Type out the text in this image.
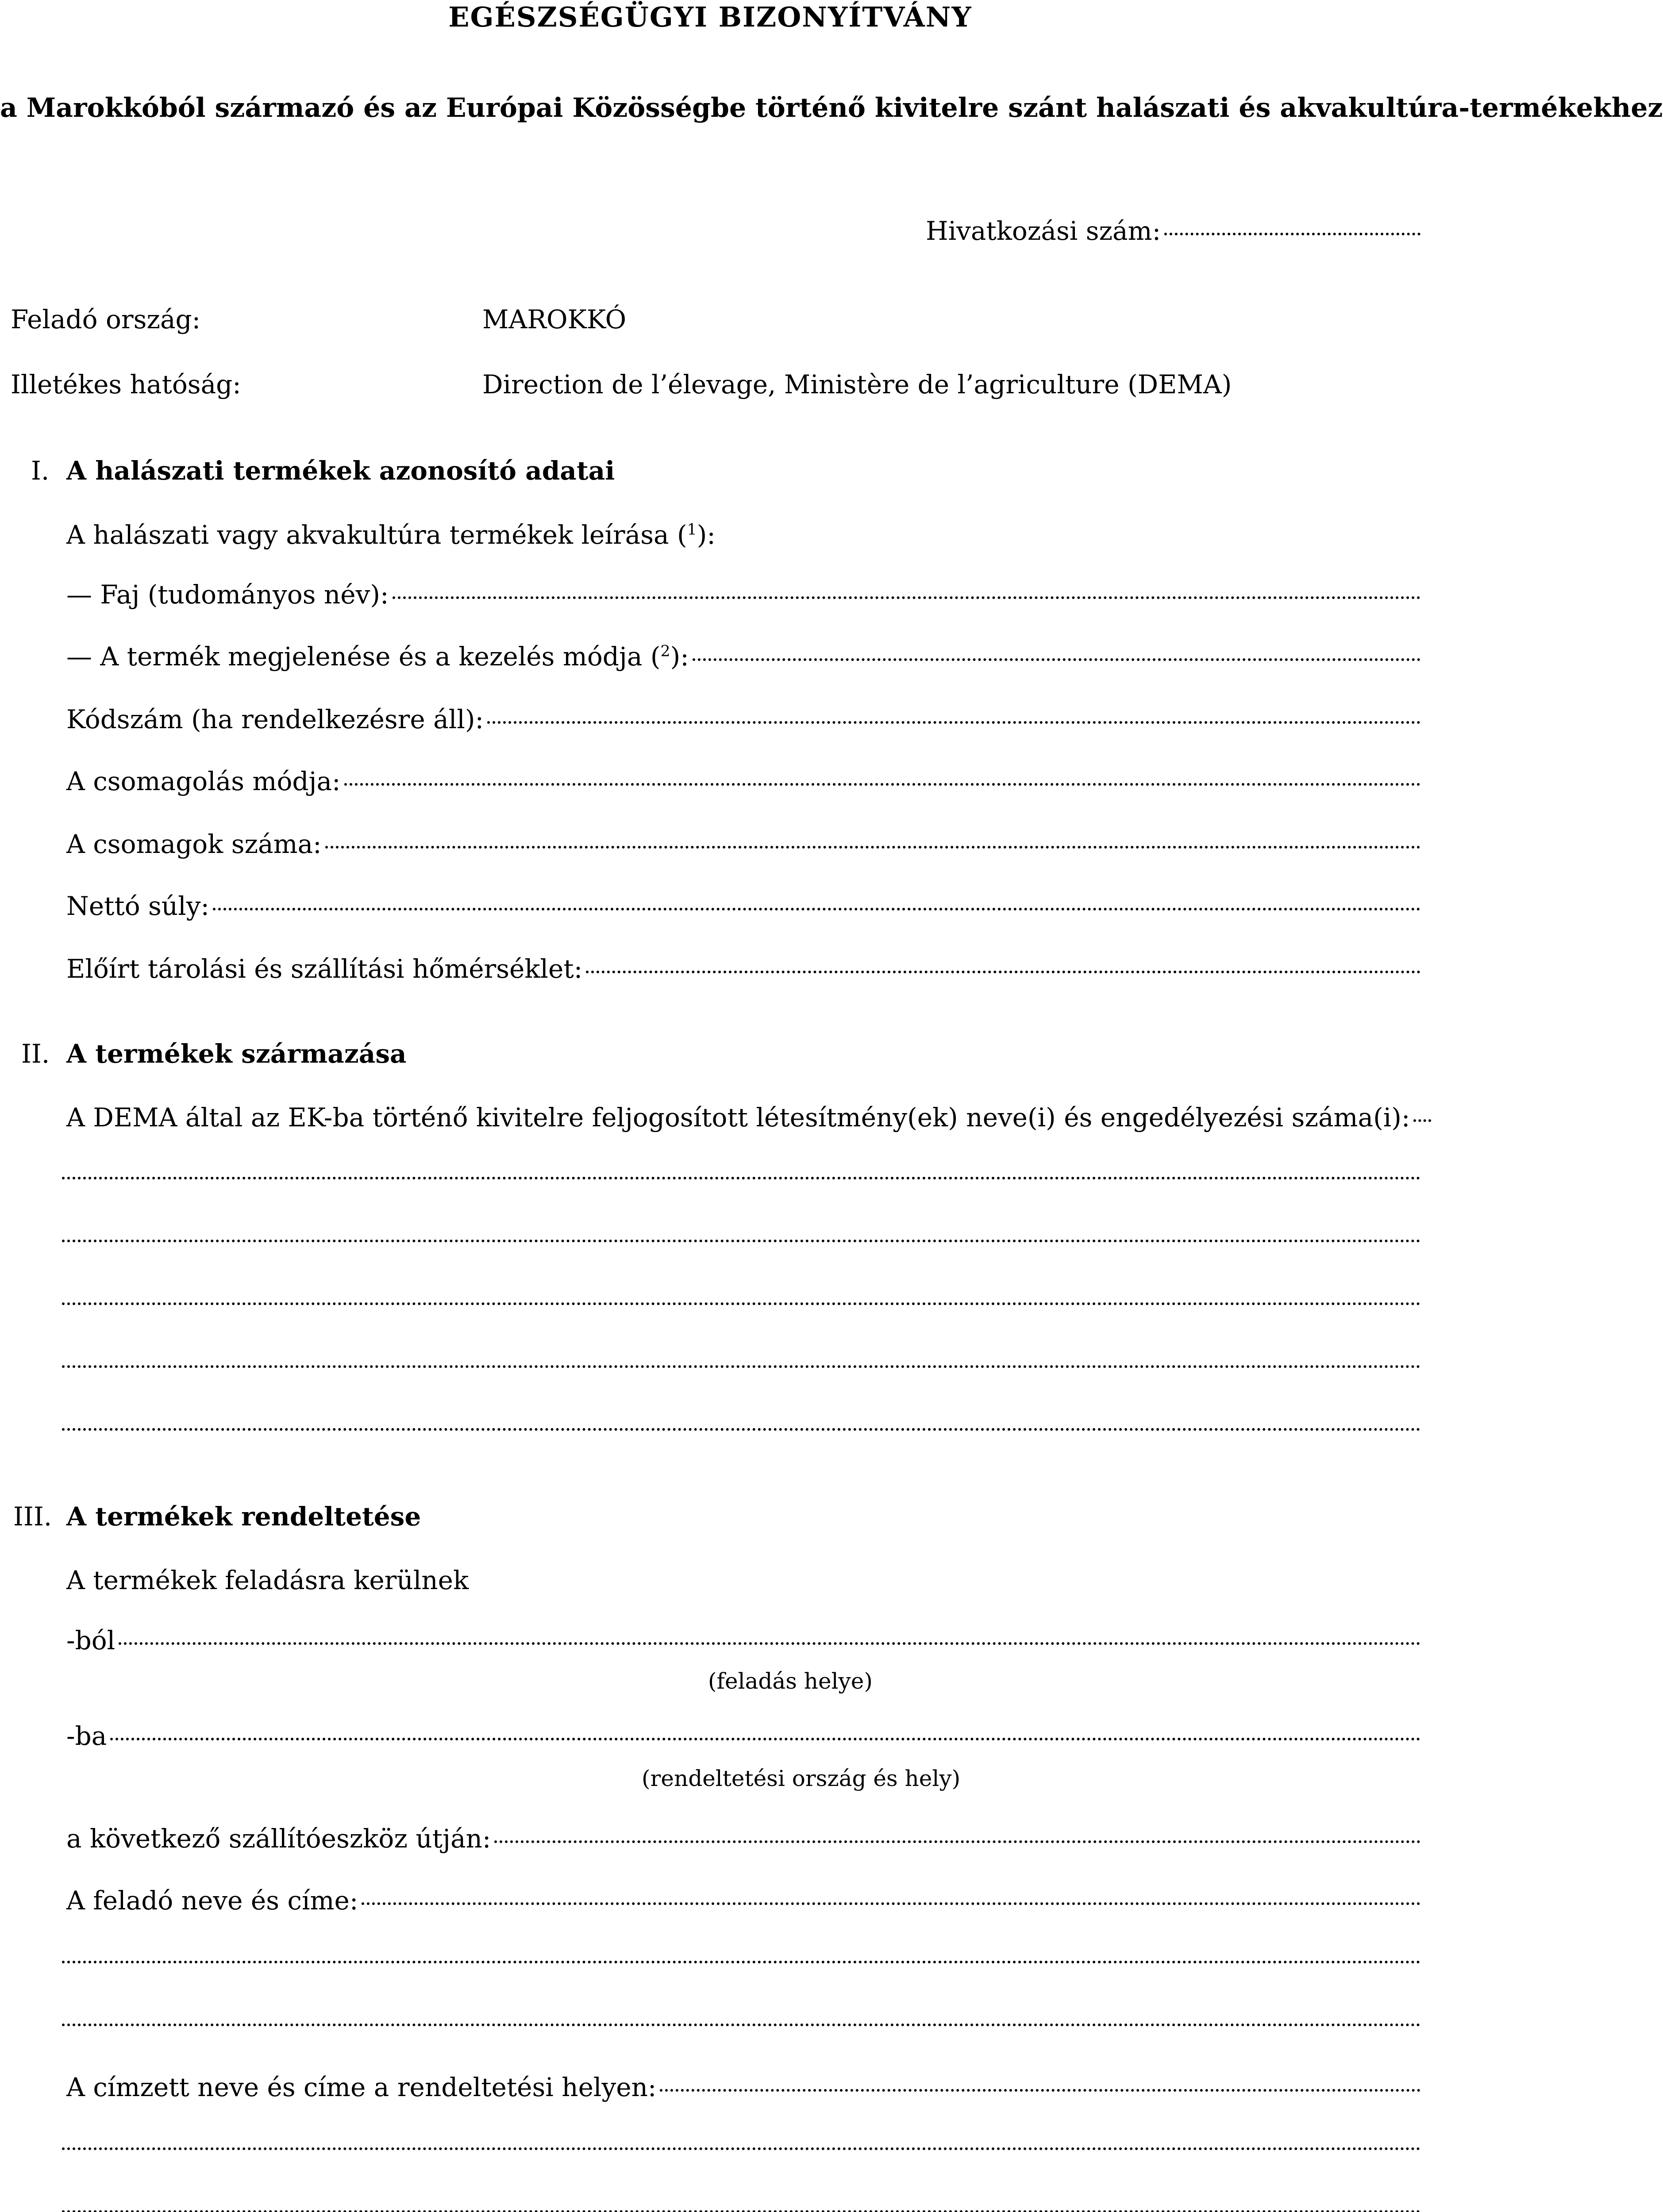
EGÉSZSÉGÜGYI BIZONYÍTVÁNY
a Marokkóból származó és az Európai Közösségbe történő kivitelre szánt halászati és akvakultúra-termékekhez
Hivatkozási szám:
Feladó ország:	MAROKKÓ
Illetékes hatóság:	Direction de l’élevage, Ministère de l’agriculture (DEMA)
I. A halászati termékek azonosító adatai
A halászati vagy akvakultúra termékek leírása ($^1$):
— Faj (tudományos név):
— A termék megjelenése és a kezelés módja ($^2$):
Kódszám (ha rendelkezésre áll):
A csomagolás módja:
A csomagok száma:
Nettó súly:
Előírt tárolási és szállítási hőmérséklet:
II. A termékek származása
A DEMA által az EK-ba történő kivitelre feljogosított létesítmény(ek) neve(i) és engedélyezési száma(i):
III. A termékek rendeltetése
A termékek feladásra kerülnek
-ból
(feladás helye)
-ba
(rendeltetési ország és hely)
a következő szállítóeszköz útján:
A feladó neve és címe:
A címzett neve és címe a rendeltetési helyen:
